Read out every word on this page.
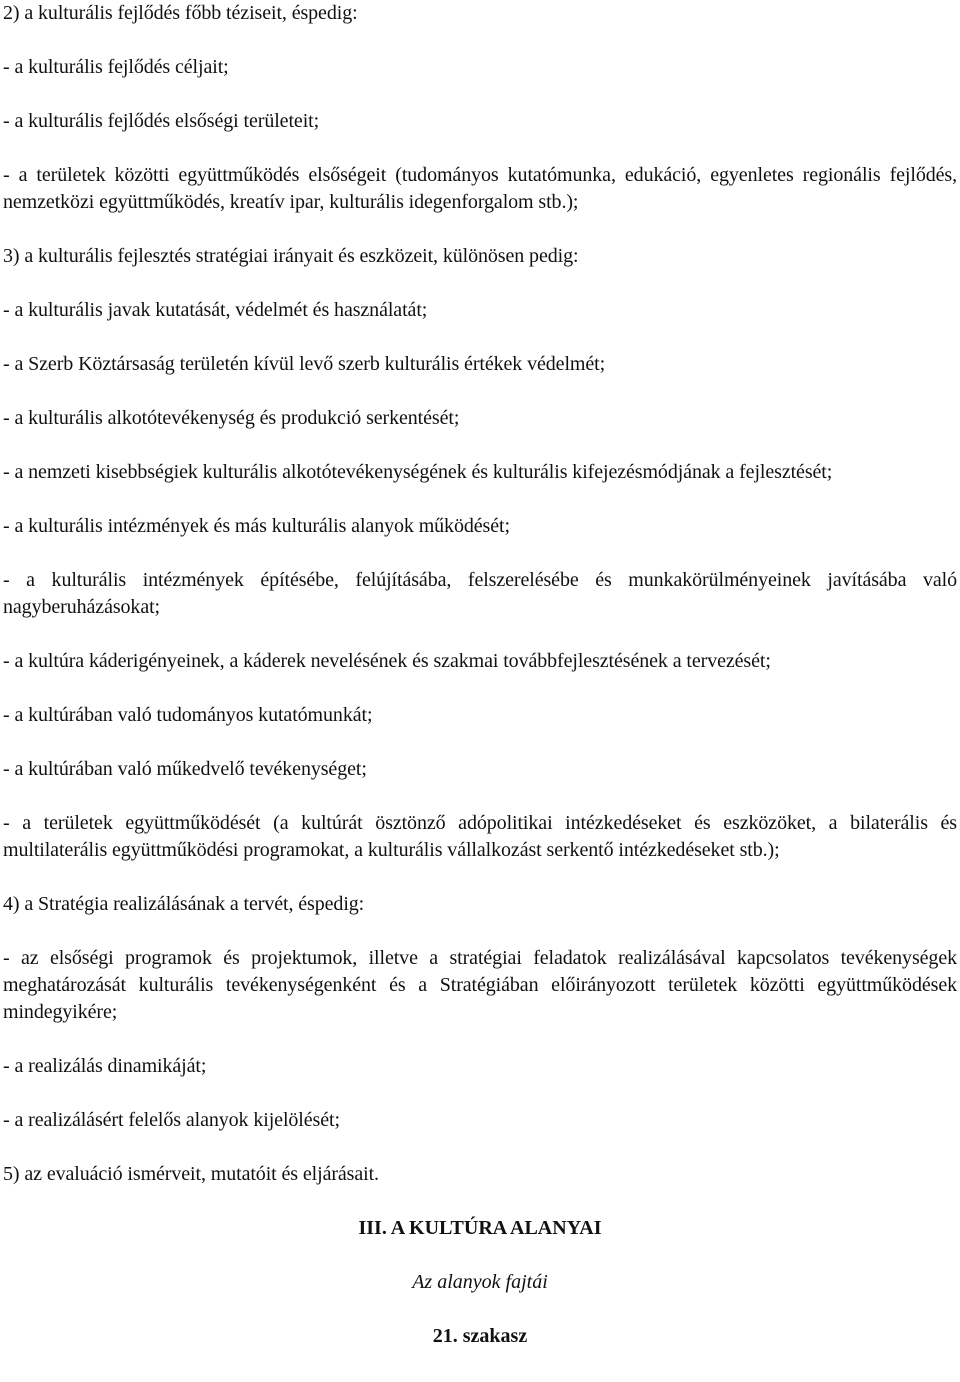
2) a kulturális fejlődés főbb téziseit, éspedig:

- a kulturális fejlődés céljait;

- a kulturális fejlődés elsőségi területeit;

- a területek közötti együttműködés elsőségeit (tudományos kutatómunka, edukáció, egyenletes regionális fejlődés, nemzetközi együttműködés, kreatív ipar, kulturális idegenforgalom stb.);

3) a kulturális fejlesztés stratégiai irányait és eszközeit, különösen pedig:

- a kulturális javak kutatását, védelmét és használatát;

- a Szerb Köztársaság területén kívül levő szerb kulturális értékek védelmét;

- a kulturális alkotótevékenység és produkció serkentését;

- a nemzeti kisebbségiek kulturális alkotótevékenységének és kulturális kifejezésmódjának a fejlesztését;

- a kulturális intézmények és más kulturális alanyok működését;

- a kulturális intézmények építésébe, felújításába, felszerelésébe és munkakörülményeinek javításába való nagyberuházásokat;

- a kultúra káderigényeinek, a káderek nevelésének és szakmai továbbfejlesztésének a tervezését;

- a kultúrában való tudományos kutatómunkát;

- a kultúrában való műkedvelő tevékenységet;

- a területek együttműködését (a kultúrát ösztönző adópolitikai intézkedéseket és eszközöket, a bilaterális és multilaterális együttműködési programokat, a kulturális vállalkozást serkentő intézkedéseket stb.);

4) a Stratégia realizálásának a tervét, éspedig:

- az elsőségi programok és projektumok, illetve a stratégiai feladatok realizálásával kapcsolatos tevékenységek meghatározását kulturális tevékenységenként és a Stratégiában előirányozott területek közötti együttműködések mindegyikére;

- a realizálás dinamikáját;

- a realizálásért felelős alanyok kijelölését;

5) az evaluáció ismérveit, mutatóit és eljárásait.

III. A KULTÚRA ALANYAI

Az alanyok fajtái

21. szakasz
